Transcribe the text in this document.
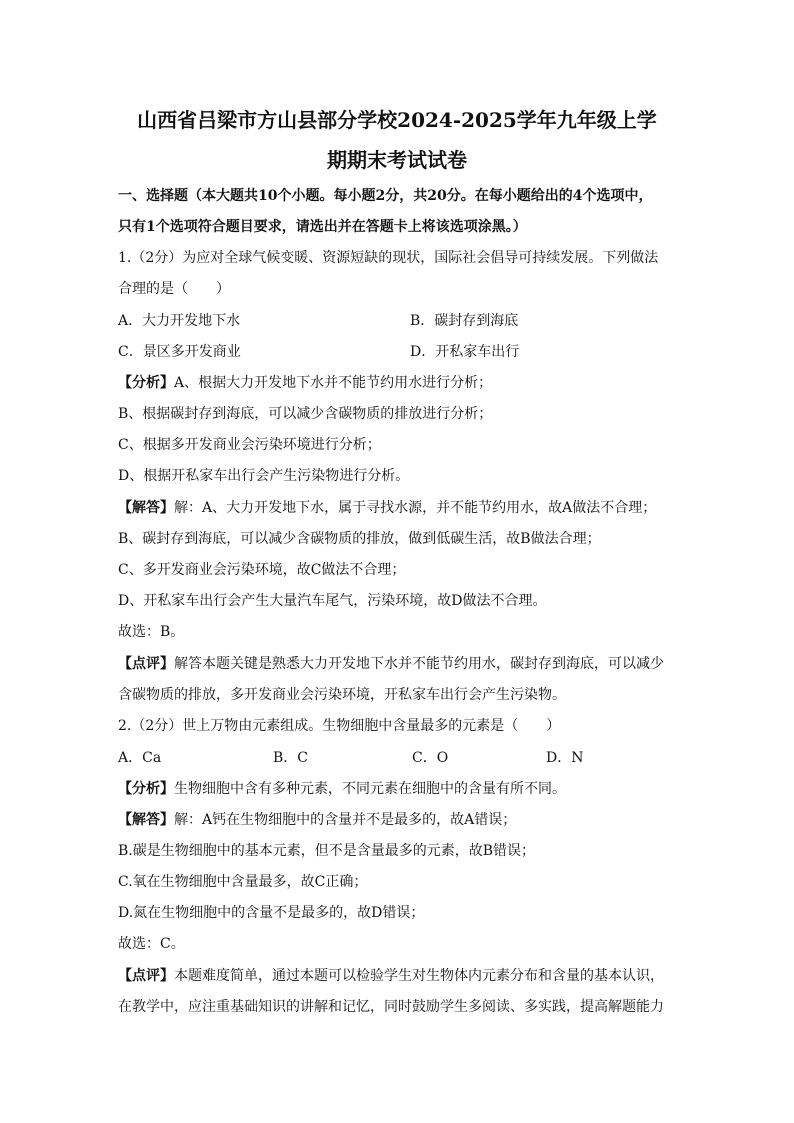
山西省吕梁市方山县部分学校2024-2025学年九年级上学
期期末考试试卷
一、选择题（本大题共10个小题。每小题2分，共20分。在每小题给出的4个选项中，
只有1个选项符合题目要求，请选出并在答题卡上将该选项涂黑。）
1.（2分）为应对全球气候变暖、资源短缺的现状，国际社会倡导可持续发展。下列做法
合理的是（　　）
A．大力开发地下水	B．碳封存到海底
C．景区多开发商业	D．开私家车出行
【分析】A、根据大力开发地下水并不能节约用水进行分析；
B、根据碳封存到海底，可以减少含碳物质的排放进行分析；
C、根据多开发商业会污染环境进行分析；
D、根据开私家车出行会产生污染物进行分析。
【解答】解：A、大力开发地下水，属于寻找水源，并不能节约用水，故A做法不合理；
B、碳封存到海底，可以减少含碳物质的排放，做到低碳生活，故B做法合理；
C、多开发商业会污染环境，故C做法不合理；
D、开私家车出行会产生大量汽车尾气，污染环境，故D做法不合理。
故选：B。
【点评】解答本题关键是熟悉大力开发地下水并不能节约用水，碳封存到海底，可以减少
含碳物质的排放，多开发商业会污染环境，开私家车出行会产生污染物。
2.（2分）世上万物由元素组成。生物细胞中含量最多的元素是（　　）
A．Ca	B．C	C．O	D．N
【分析】生物细胞中含有多种元素，不同元素在细胞中的含量有所不同。
【解答】解：A钙在生物细胞中的含量并不是最多的，故A错误；
B.碳是生物细胞中的基本元素，但不是含量最多的元素，故B错误；
C.氧在生物细胞中含量最多，故C正确；
D.氮在生物细胞中的含量不是最多的，故D错误；
故选：C。
【点评】本题难度简单，通过本题可以检验学生对生物体内元素分布和含量的基本认识，
在教学中，应注重基础知识的讲解和记忆，同时鼓励学生多阅读、多实践，提高解题能力
